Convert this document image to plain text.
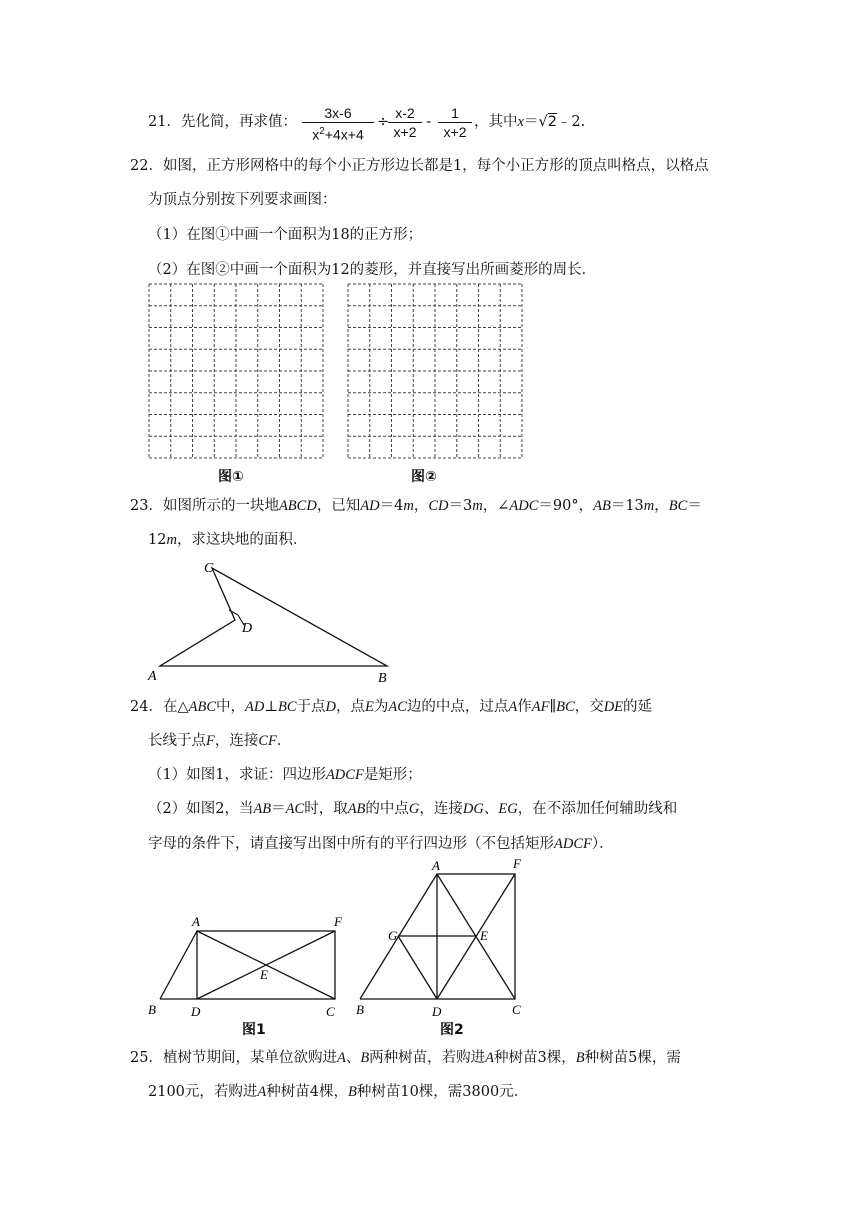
21．先化简，再求值：
3x-6
$x^2+4x+4$
÷
x-2
x+2
-
1
x+2
，其中x＝√2﹣2.
22．如图，正方形网格中的每个小正方形边长都是1，每个小正方形的顶点叫格点，以格点
为顶点分别按下列要求画图：
（1）在图①中画一个面积为18的正方形；
（2）在图②中画一个面积为12的菱形，并直接写出所画菱形的周长．
图①	图②
23．如图所示的一块地ABCD，已知AD＝4m，CD＝3m，∠ADC＝90°，AB＝13m，BC＝
12m，求这块地的面积．
A	B
C
D
24．在△ABC中，AD⊥BC于点D，点E为AC边的中点，过点A作AF∥BC，交DE的延
长线于点F，连接CF．
（1）如图1，求证：四边形ADCF是矩形；
（2）如图2，当AB＝AC时，取AB的中点G，连接DG、EG，在不添加任何辅助线和
字母的条件下，请直接写出图中所有的平行四边形（不包括矩形ADCF）．
A	F
E
B	D	C
图1
A	F
G	E
B	D	C
图2
25．植树节期间，某单位欲购进A、B两种树苗，若购进A种树苗3棵，B种树苗5棵，需
2100元，若购进A种树苗4棵，B种树苗10棵，需3800元．
